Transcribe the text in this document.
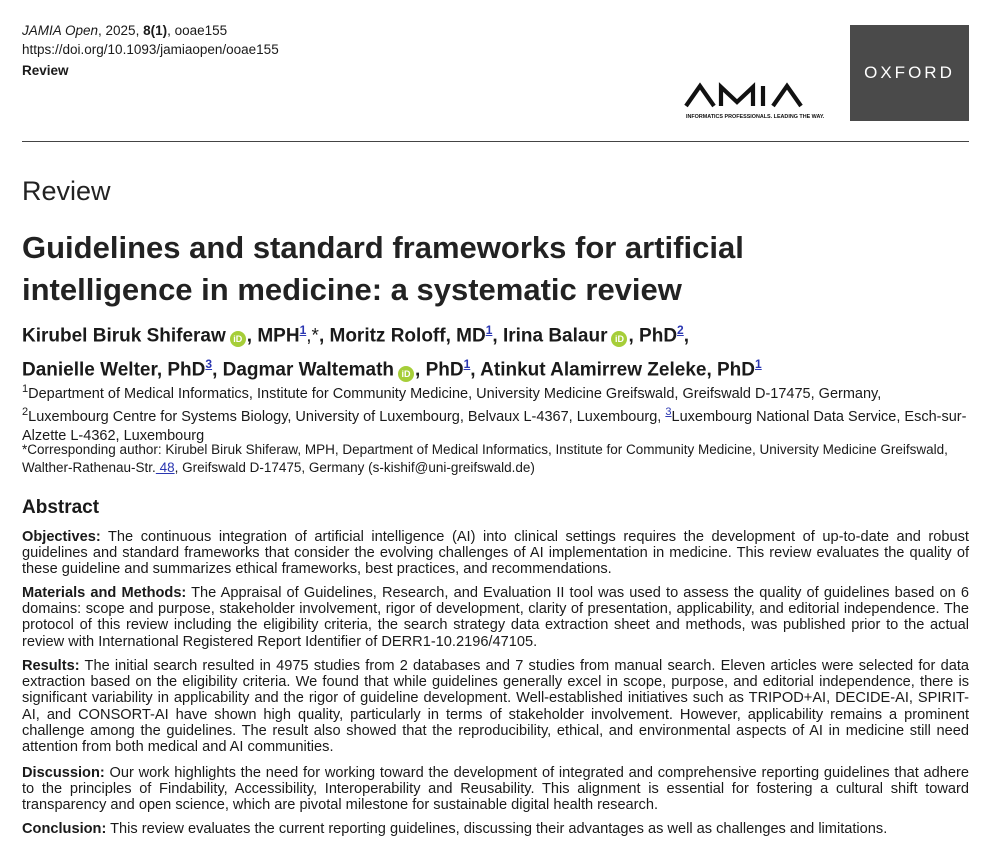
JAMIA Open, 2025, 8(1), ooae155
https://doi.org/10.1093/jamiaopen/ooae155
Review
INFORMATICS PROFESSIONALS. LEADING THE WAY.
OXFORD
Review
Guidelines and standard frameworks for artificial intelligence in medicine: a systematic review
Kirubel Biruk Shiferaw iD , MPH$^1$,*, Moritz Roloff, $MD^1$, Irina Balaur iD , PhD$^2$,
Danielle Welter, PhD$^3$, Dagmar Waltemath iD , PhD$^1$, Atinkut Alamirrew Zeleke, PhD$^1$
$^1$Department of Medical Informatics, Institute for Community Medicine, University Medicine Greifswald, Greifswald D-17475, Germany,
$^2$Luxembourg Centre for Systems Biology, University of Luxembourg, Belvaux L-4367, Luxembourg, $^3$Luxembourg National Data Service, Esch-sur-Alzette L-4362, Luxembourg
*Corresponding author: Kirubel Biruk Shiferaw, MPH, Department of Medical Informatics, Institute for Community Medicine, University Medicine Greifswald,
Walther-Rathenau-Str. 48, Greifswald D-17475, Germany (s-kishif@uni-greifswald.de)
Abstract

Objectives: The continuous integration of artificial intelligence (AI) into clinical settings requires the development of up-to-date and robust guidelines and standard frameworks that consider the evolving challenges of AI implementation in medicine. This review evaluates the quality of these guideline and summarizes ethical frameworks, best practices, and recommendations.

Materials and Methods: The Appraisal of Guidelines, Research, and Evaluation II tool was used to assess the quality of guidelines based on 6 domains: scope and purpose, stakeholder involvement, rigor of development, clarity of presentation, applicability, and editorial independence. The protocol of this review including the eligibility criteria, the search strategy data extraction sheet and methods, was published prior to the actual review with International Registered Report Identifier of DERR1-10.2196/47105.

Results: The initial search resulted in 4975 studies from 2 databases and 7 studies from manual search. Eleven articles were selected for data extraction based on the eligibility criteria. We found that while guidelines generally excel in scope, purpose, and editorial independence, there is significant variability in applicability and the rigor of guideline development. Well-established initiatives such as TRIPOD+AI, DECIDE-AI, SPIRIT-AI, and CONSORT-AI have shown high quality, particularly in terms of stakeholder involvement. However, applicability remains a prominent challenge among the guidelines. The result also showed that the reproducibility, ethical, and environmental aspects of AI in medicine still need attention from both medical and AI communities.

Discussion: Our work highlights the need for working toward the development of integrated and comprehensive reporting guidelines that adhere to the principles of Findability, Accessibility, Interoperability and Reusability. This alignment is essential for fostering a cultural shift toward transparency and open science, which are pivotal milestone for sustainable digital health research.

Conclusion: This review evaluates the current reporting guidelines, discussing their advantages as well as challenges and limitations.
